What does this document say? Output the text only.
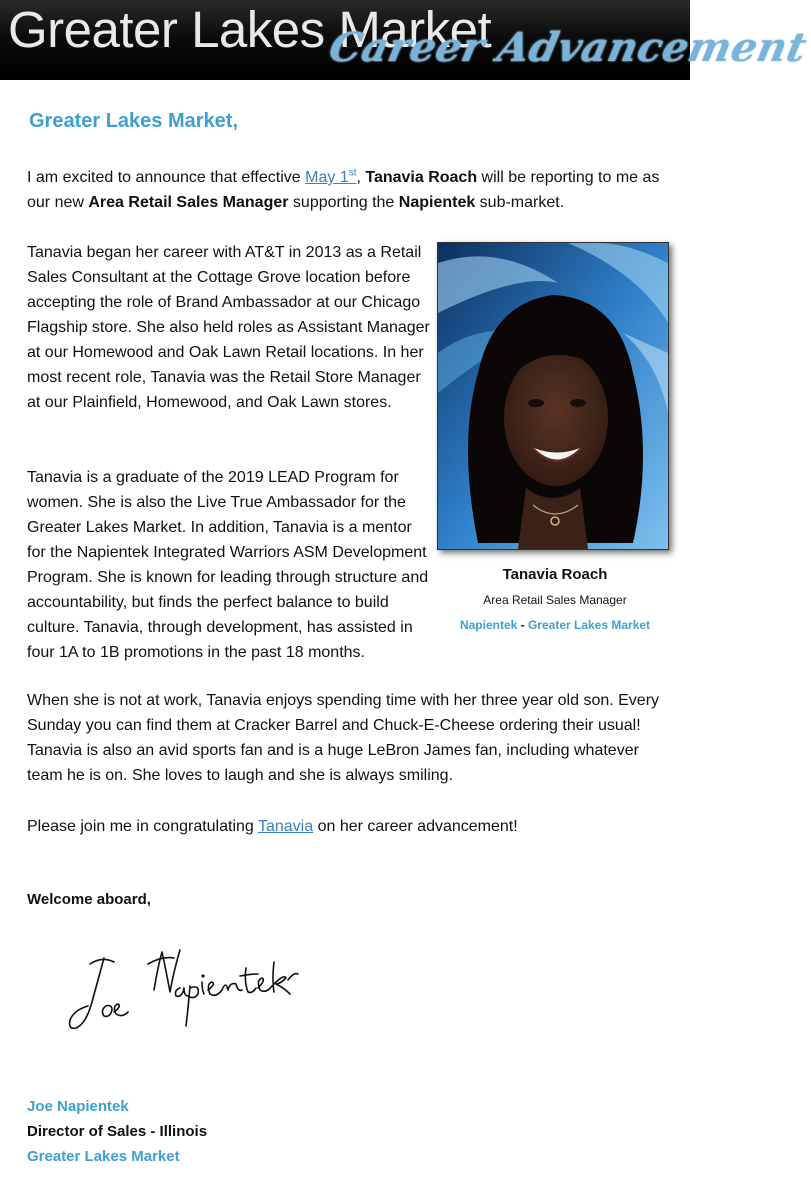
Greater Lakes Market
Career Advancement
Greater Lakes Market,

I am excited to announce that effective May 1st, Tanavia Roach will be reporting to me as our new Area Retail Sales Manager supporting the Napientek sub-market.

Tanavia began her career with AT&T in 2013 as a Retail Sales Consultant at the Cottage Grove location before accepting the role of Brand Ambassador at our Chicago Flagship store. She also held roles as Assistant Manager at our Homewood and Oak Lawn Retail locations. In her most recent role, Tanavia was the Retail Store Manager at our Plainfield, Homewood, and Oak Lawn stores.

Tanavia Roach
Area Retail Sales Manager
Napientek - Greater Lakes Market

Tanavia is a graduate of the 2019 LEAD Program for women. She is also the Live True Ambassador for the Greater Lakes Market. In addition, Tanavia is a mentor for the Napientek Integrated Warriors ASM Development Program. She is known for leading through structure and accountability, but finds the perfect balance to build culture. Tanavia, through development, has assisted in four 1A to 1B promotions in the past 18 months.

When she is not at work, Tanavia enjoys spending time with her three year old son. Every Sunday you can find them at Cracker Barrel and Chuck-E-Cheese ordering their usual! Tanavia is also an avid sports fan and is a huge LeBron James fan, including whatever team he is on. She loves to laugh and she is always smiling.

Please join me in congratulating Tanavia on her career advancement!

Welcome aboard,
Joe Napientek
Director of Sales - Illinois
Greater Lakes Market
